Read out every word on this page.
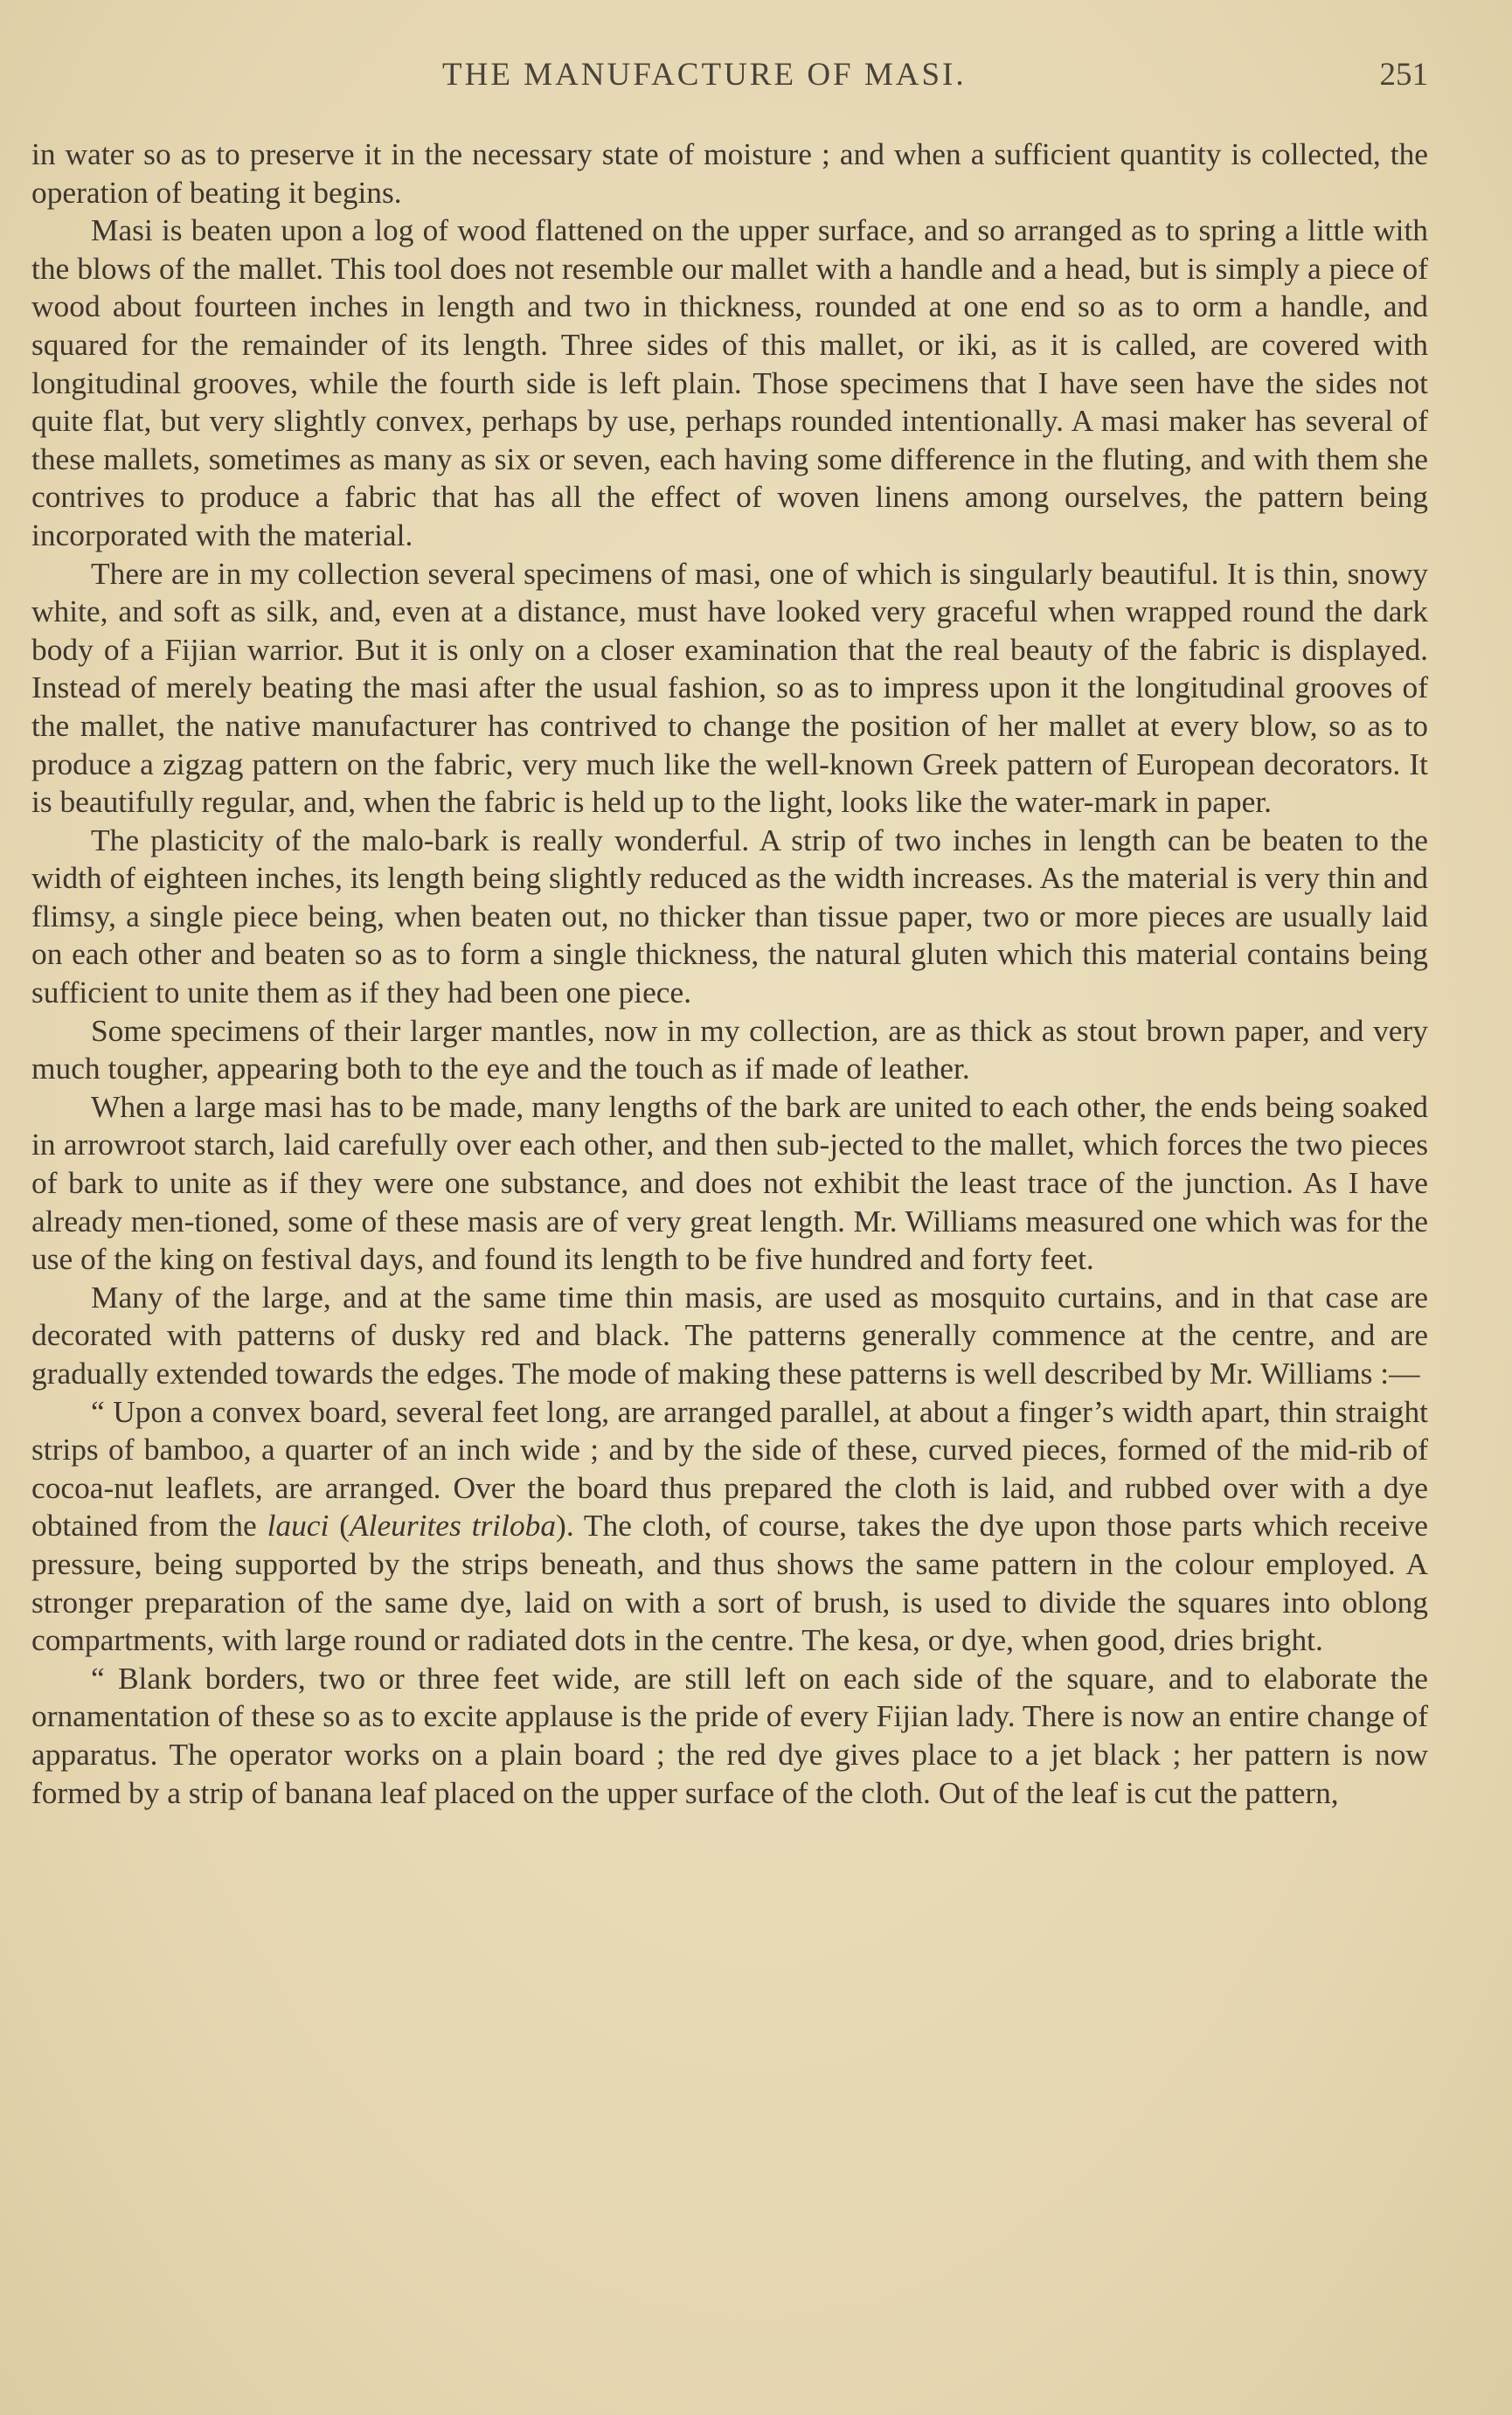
THE MANUFACTURE OF MASI.	251

in water so as to preserve it in the necessary state of moisture ; and when a sufficient quantity is collected, the operation of beating it begins.

Masi is beaten upon a log of wood flattened on the upper surface, and so arranged as to spring a little with the blows of the mallet. This tool does not resemble our mallet with a handle and a head, but is simply a piece of wood about fourteen inches in length and two in thickness, rounded at one end so as to orm a handle, and squared for the remainder of its length. Three sides of this mallet, or iki, as it is called, are covered with longitudinal grooves, while the fourth side is left plain. Those specimens that I have seen have the sides not quite flat, but very slightly convex, perhaps by use, perhaps rounded intentionally. A masi maker has several of these mallets, sometimes as many as six or seven, each having some difference in the fluting, and with them she contrives to produce a fabric that has all the effect of woven linens among ourselves, the pattern being incorporated with the material.

There are in my collection several specimens of masi, one of which is singularly beautiful. It is thin, snowy white, and soft as silk, and, even at a distance, must have looked very graceful when wrapped round the dark body of a Fijian warrior. But it is only on a closer examination that the real beauty of the fabric is displayed. Instead of merely beating the masi after the usual fashion, so as to impress upon it the longitudinal grooves of the mallet, the native manufacturer has contrived to change the position of her mallet at every blow, so as to produce a zigzag pattern on the fabric, very much like the well-known Greek pattern of European decorators. It is beautifully regular, and, when the fabric is held up to the light, looks like the water-mark in paper.

The plasticity of the malo-bark is really wonderful. A strip of two inches in length can be beaten to the width of eighteen inches, its length being slightly reduced as the width increases. As the material is very thin and flimsy, a single piece being, when beaten out, no thicker than tissue paper, two or more pieces are usually laid on each other and beaten so as to form a single thickness, the natural gluten which this material contains being sufficient to unite them as if they had been one piece.

Some specimens of their larger mantles, now in my collection, are as thick as stout brown paper, and very much tougher, appearing both to the eye and the touch as if made of leather.

When a large masi has to be made, many lengths of the bark are united to each other, the ends being soaked in arrowroot starch, laid carefully over each other, and then sub-jected to the mallet, which forces the two pieces of bark to unite as if they were one substance, and does not exhibit the least trace of the junction. As I have already men-tioned, some of these masis are of very great length. Mr. Williams measured one which was for the use of the king on festival days, and found its length to be five hundred and forty feet.

Many of the large, and at the same time thin masis, are used as mosquito curtains, and in that case are decorated with patterns of dusky red and black. The patterns generally commence at the centre, and are gradually extended towards the edges. The mode of making these patterns is well described by Mr. Williams :—

“ Upon a convex board, several feet long, are arranged parallel, at about a finger’s width apart, thin straight strips of bamboo, a quarter of an inch wide ; and by the side of these, curved pieces, formed of the mid-rib of cocoa-nut leaflets, are arranged. Over the board thus prepared the cloth is laid, and rubbed over with a dye obtained from the lauci (Aleurites triloba). The cloth, of course, takes the dye upon those parts which receive pressure, being supported by the strips beneath, and thus shows the same pattern in the colour employed. A stronger preparation of the same dye, laid on with a sort of brush, is used to divide the squares into oblong compartments, with large round or radiated dots in the centre. The kesa, or dye, when good, dries bright.

“ Blank borders, two or three feet wide, are still left on each side of the square, and to elaborate the ornamentation of these so as to excite applause is the pride of every Fijian lady. There is now an entire change of apparatus. The operator works on a plain board ; the red dye gives place to a jet black ; her pattern is now formed by a strip of banana leaf placed on the upper surface of the cloth. Out of the leaf is cut the pattern,
